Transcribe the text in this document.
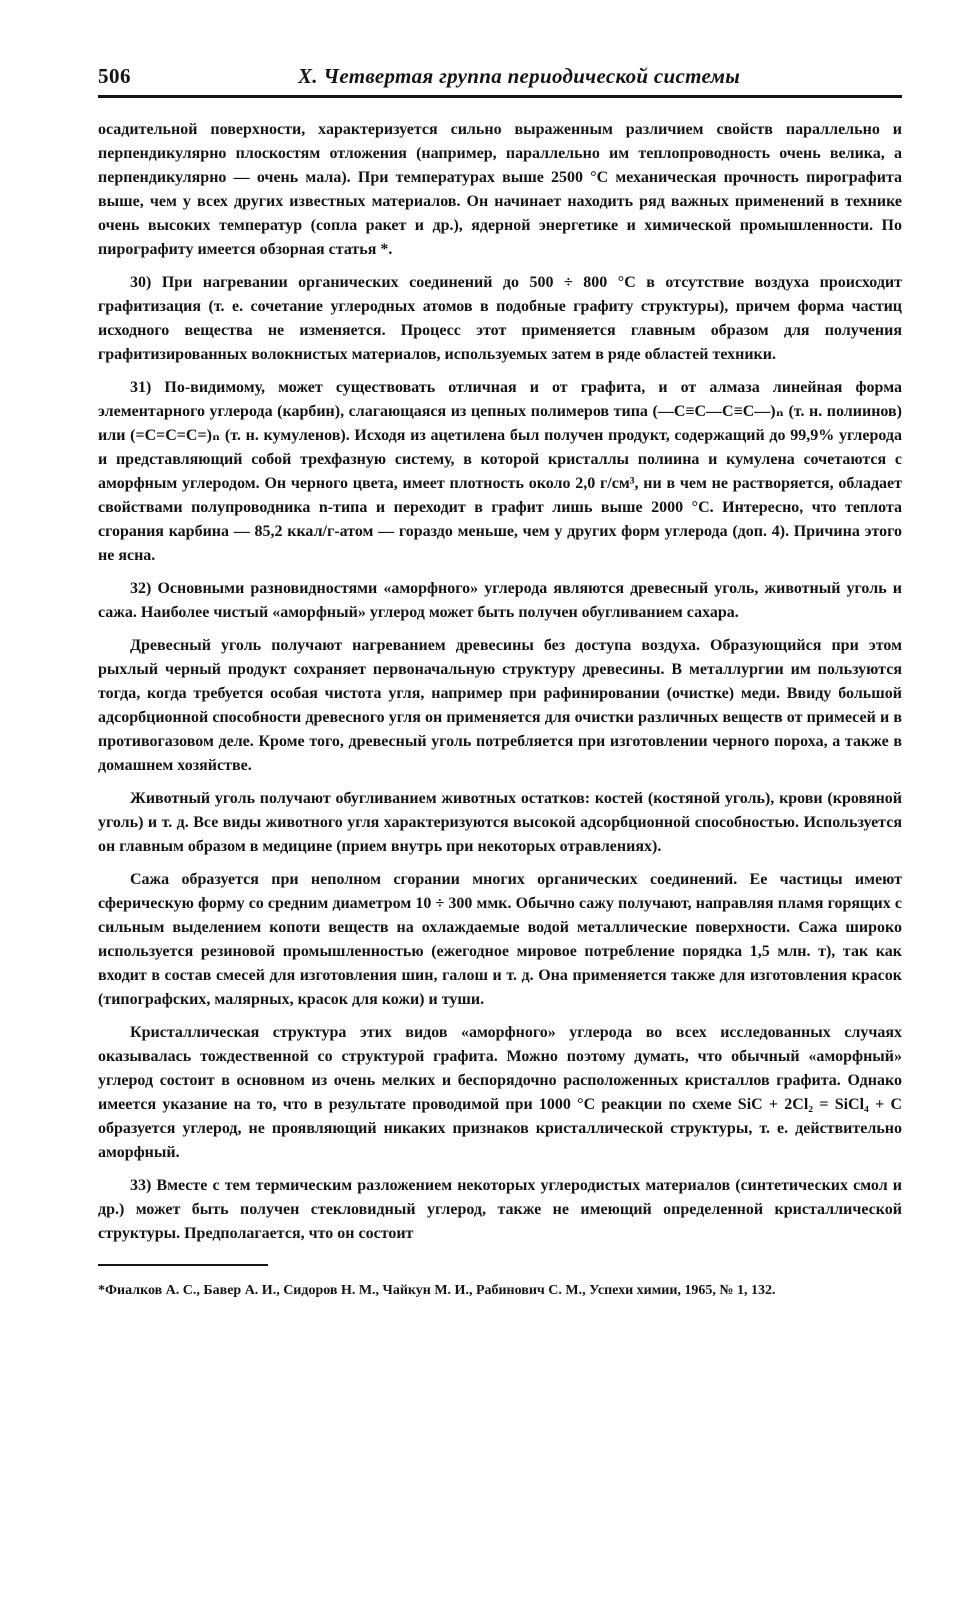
506	X. Четвертая группа периодической системы

осадительной поверхности, характеризуется сильно выраженным различием свойств параллельно и перпендикулярно плоскостям отложения (например, параллельно им теплопроводность очень велика, а перпендикулярно — очень мала). При температурах выше 2500 °С механическая прочность пирографита выше, чем у всех других известных материалов. Он начинает находить ряд важных применений в технике очень высоких температур (сопла ракет и др.), ядерной энергетике и химической промышленности. По пирографиту имеется обзорная статья *.

30) При нагревании органических соединений до 500 ÷ 800 °С в отсутствие воздуха происходит графитизация (т. е. сочетание углеродных атомов в подобные графиту структуры), причем форма частиц исходного вещества не изменяется. Процесс этот применяется главным образом для получения графитизированных волокнистых материалов, используемых затем в ряде областей техники.

31) По-видимому, может существовать отличная и от графита, и от алмаза линейная форма элементарного углерода (карбин), слагающаяся из цепных полимеров типа (—C≡C—C≡C—)ₙ (т. н. полиинов) или (=C=C=C=)ₙ (т. н. кумуленов). Исходя из ацетилена был получен продукт, содержащий до 99,9% углерода и представляющий собой трехфазную систему, в которой кристаллы полиина и кумулена сочетаются с аморфным углеродом. Он черного цвета, имеет плотность около 2,0 г/см³, ни в чем не растворяется, обладает свойствами полупроводника n-типа и переходит в графит лишь выше 2000 °С. Интересно, что теплота сгорания карбина — 85,2 ккал/г-атом — гораздо меньше, чем у других форм углерода (доп. 4). Причина этого не ясна.

32) Основными разновидностями «аморфного» углерода являются древесный уголь, животный уголь и сажа. Наиболее чистый «аморфный» углерод может быть получен обугливанием сахара.

Древесный уголь получают нагреванием древесины без доступа воздуха. Образующийся при этом рыхлый черный продукт сохраняет первоначальную структуру древесины. В металлургии им пользуются тогда, когда требуется особая чистота угля, например при рафинировании (очистке) меди. Ввиду большой адсорбционной способности древесного угля он применяется для очистки различных веществ от примесей и в противогазовом деле. Кроме того, древесный уголь потребляется при изготовлении черного пороха, а также в домашнем хозяйстве.

Животный уголь получают обугливанием животных остатков: костей (костяной уголь), крови (кровяной уголь) и т. д. Все виды животного угля характеризуются высокой адсорбционной способностью. Используется он главным образом в медицине (прием внутрь при некоторых отравлениях).

Сажа образуется при неполном сгорании многих органических соединений. Ее частицы имеют сферическую форму со средним диаметром 10 ÷ 300 ммк. Обычно сажу получают, направляя пламя горящих с сильным выделением копоти веществ на охлаждаемые водой металлические поверхности. Сажа широко используется резиновой промышленностью (ежегодное мировое потребление порядка 1,5 млн. т), так как входит в состав смесей для изготовления шин, галош и т. д. Она применяется также для изготовления красок (типографских, малярных, красок для кожи) и туши.

Кристаллическая структура этих видов «аморфного» углерода во всех исследованных случаях оказывалась тождественной со структурой графита. Можно поэтому думать, что обычный «аморфный» углерод состоит в основном из очень мелких и беспорядочно расположенных кристаллов графита. Однако имеется указание на то, что в результате проводимой при 1000 °С реакции по схеме SiC + 2Cl₂ = SiCl₄ + C образуется углерод, не проявляющий никаких признаков кристаллической структуры, т. е. действительно аморфный.

33) Вместе с тем термическим разложением некоторых углеродистых материалов (синтетических смол и др.) может быть получен стекловидный углерод, также не имеющий определенной кристаллической структуры. Предполагается, что он состоит

*Фиалков А. С., Бавер А. И., Сидоров Н. М., Чайкун М. И., Рабинович С. М., Успехи химии, 1965, № 1, 132.
